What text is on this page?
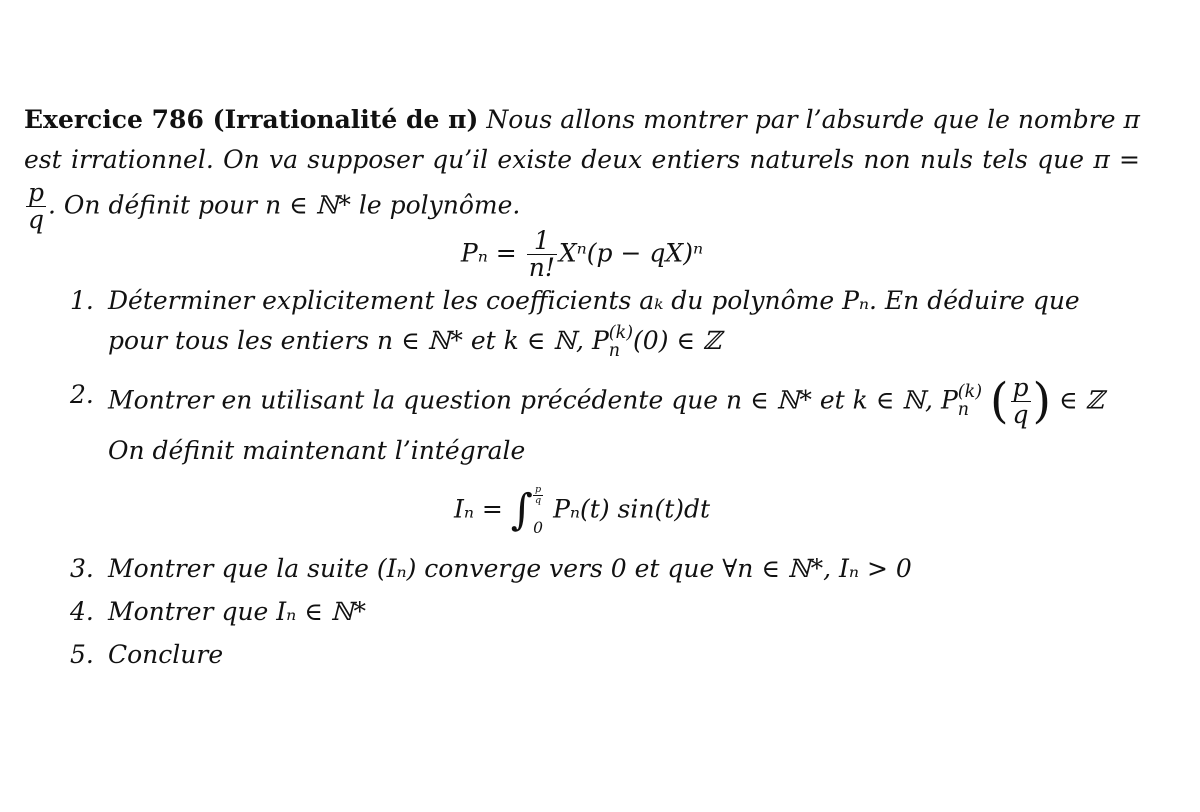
Exercice 786 (Irrationalité de π) Nous allons montrer par l’absurde que le nombre π est irrationnel. On va supposer qu’il existe deux entiers naturels non nuls tels que π =
$\frac{p}{q}$ . On définit pour n ∈ ℕ* le polynôme.

$P_n = \frac{1}{n!} X^n(p - qX)^n$

1. Déterminer explicitement les coefficients aₖ du polynôme Pₙ. En déduire que pour tous les entiers n ∈ ℕ* et k ∈ ℕ, P (k)
n (0) ∈ ℤ
2. Montrer en utilisant la question précédente que n ∈ ℕ* et k ∈ ℕ, P (k)
n ( $\frac{p}{q}$ ) ∈ ℤ
On définit maintenant l’intégrale
Iₙ = ∫ p
q
0
Pₙ(t) sin(t)dt
3. Montrer que la suite (Iₙ) converge vers 0 et que ∀n ∈ ℕ*, Iₙ > 0
4. Montrer que Iₙ ∈ ℕ*
5. Conclure
